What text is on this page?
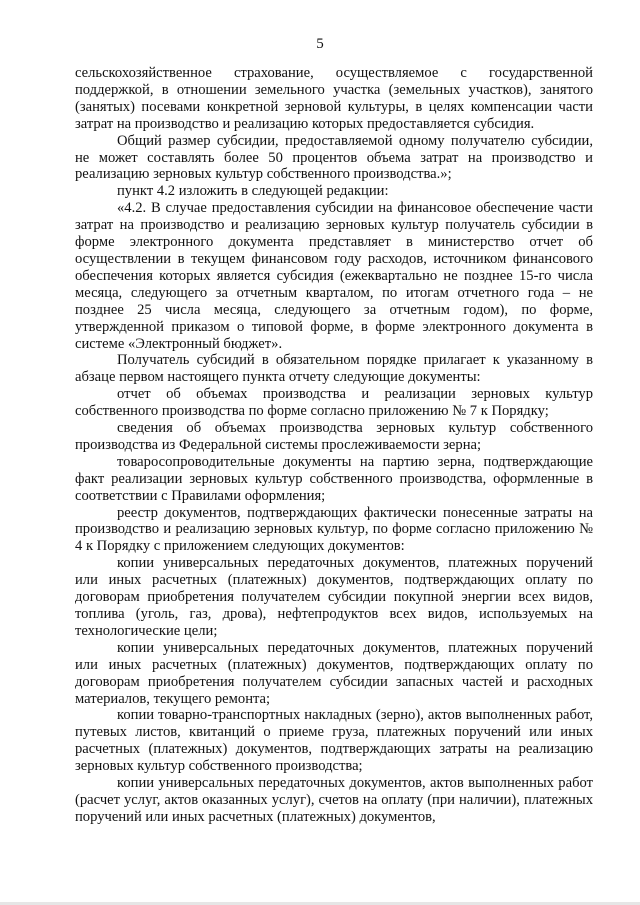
5

сельскохозяйственное страхование, осуществляемое с государственной поддержкой, в отношении земельного участка (земельных участков), занятого (занятых) посевами конкретной зерновой культуры, в целях компенсации части затрат на производство и реализацию которых предоставляется субсидия.

Общий размер субсидии, предоставляемой одному получателю субсидии, не может составлять более 50 процентов объема затрат на производство и реализацию зерновых культур собственного производства.»;

пункт 4.2 изложить в следующей редакции:

«4.2. В случае предоставления субсидии на финансовое обеспечение части затрат на производство и реализацию зерновых культур получатель субсидии в форме электронного документа представляет в министерство отчет об осуществлении в текущем финансовом году расходов, источником финансового обеспечения которых является субсидия (ежеквартально не позднее 15-го числа месяца, следующего за отчетным кварталом, по итогам отчетного года – не позднее 25 числа месяца, следующего за отчетным годом), по форме, утвержденной приказом о типовой форме, в форме электронного документа в системе «Электронный бюджет».

Получатель субсидий в обязательном порядке прилагает к указанному в абзаце первом настоящего пункта отчету следующие документы:

отчет об объемах производства и реализации зерновых культур собственного производства по форме согласно приложению № 7 к Порядку;

сведения об объемах производства зерновых культур собственного производства из Федеральной системы прослеживаемости зерна;

товаросопроводительные документы на партию зерна, подтверждающие факт реализации зерновых культур собственного производства, оформленные в соответствии с Правилами оформления;

реестр документов, подтверждающих фактически понесенные затраты на производство и реализацию зерновых культур, по форме согласно приложению № 4 к Порядку с приложением следующих документов:

копии универсальных передаточных документов, платежных поручений или иных расчетных (платежных) документов, подтверждающих оплату по договорам приобретения получателем субсидии покупной энергии всех видов, топлива (уголь, газ, дрова), нефтепродуктов всех видов, используемых на технологические цели;

копии универсальных передаточных документов, платежных поручений или иных расчетных (платежных) документов, подтверждающих оплату по договорам приобретения получателем субсидии запасных частей и расходных материалов, текущего ремонта;

копии товарно-транспортных накладных (зерно), актов выполненных работ, путевых листов, квитанций о приеме груза, платежных поручений или иных расчетных (платежных) документов, подтверждающих затраты на реализацию зерновых культур собственного производства;

копии универсальных передаточных документов, актов выполненных работ (расчет услуг, актов оказанных услуг), счетов на оплату (при наличии), платежных поручений или иных расчетных (платежных) документов,
